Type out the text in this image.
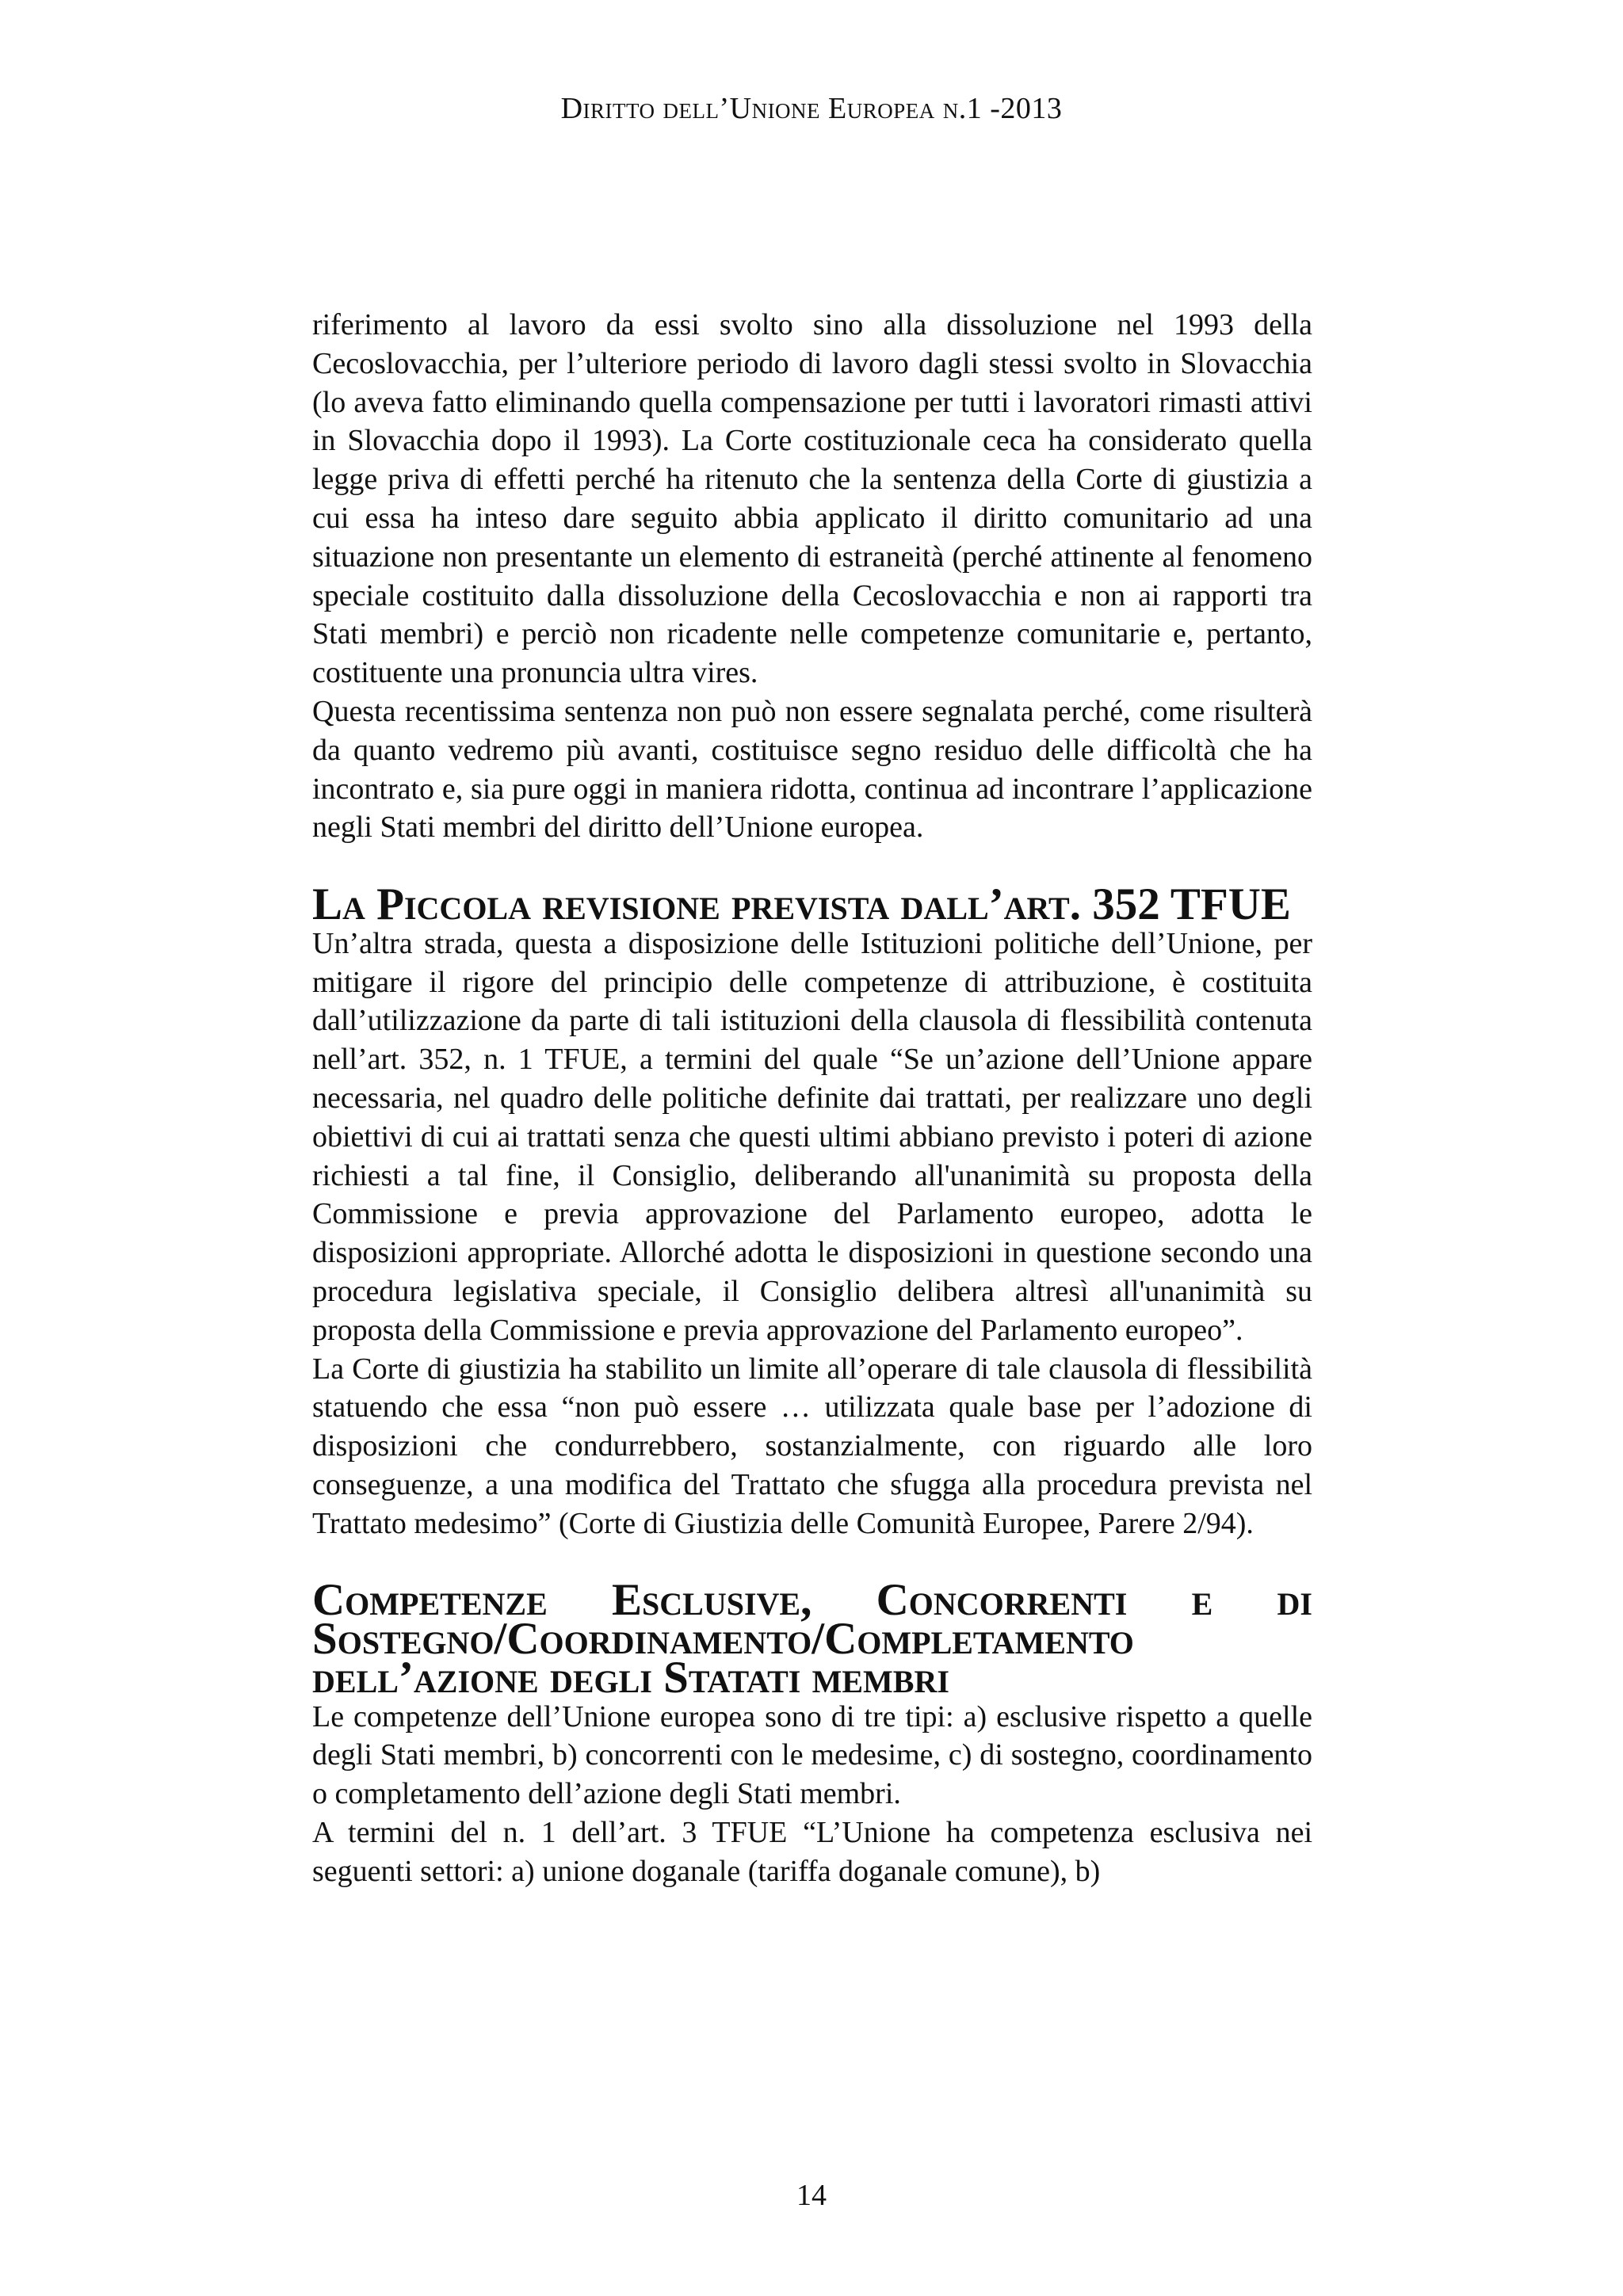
Diritto dell’Unione Europea n.1 -2013

riferimento al lavoro da essi svolto sino alla dissoluzione nel 1993 della Cecoslovacchia, per l’ulteriore periodo di lavoro dagli stessi svolto in Slovacchia (lo aveva fatto eliminando quella compensazione per tutti i lavoratori rimasti attivi in Slovacchia dopo il 1993). La Corte costituzionale ceca ha considerato quella legge priva di effetti perché ha ritenuto che la sentenza della Corte di giustizia a cui essa ha inteso dare seguito abbia applicato il diritto comunitario ad una situazione non presentante un elemento di estraneità (perché attinente al fenomeno speciale costituito dalla dissoluzione della Cecoslovacchia e non ai rapporti tra Stati membri) e perciò non ricadente nelle competenze comunitarie e, pertanto, costituente una pronuncia ultra vires.

Questa recentissima sentenza non può non essere segnalata perché, come risulterà da quanto vedremo più avanti, costituisce segno residuo delle difficoltà che ha incontrato e, sia pure oggi in maniera ridotta, continua ad incontrare l’applicazione negli Stati membri del diritto dell’Unione europea.

La Piccola revisione prevista dall’art. 352 TFUE

Un’altra strada, questa a disposizione delle Istituzioni politiche dell’Unione, per mitigare il rigore del principio delle competenze di attribuzione, è costituita dall’utilizzazione da parte di tali istituzioni della clausola di flessibilità contenuta nell’art. 352, n. 1 TFUE, a termini del quale “Se un’azione dell’Unione appare necessaria, nel quadro delle politiche definite dai trattati, per realizzare uno degli obiettivi di cui ai trattati senza che questi ultimi abbiano previsto i poteri di azione richiesti a tal fine, il Consiglio, deliberando all'unanimità su proposta della Commissione e previa approvazione del Parlamento europeo, adotta le disposizioni appropriate. Allorché adotta le disposizioni in questione secondo una procedura legislativa speciale, il Consiglio delibera altresì all'unanimità su proposta della Commissione e previa approvazione del Parlamento europeo”.

La Corte di giustizia ha stabilito un limite all’operare di tale clausola di flessibilità statuendo che essa “non può essere … utilizzata quale base per l’adozione di disposizioni che condurrebbero, sostanzialmente, con riguardo alle loro conseguenze, a una modifica del Trattato che sfugga alla procedura prevista nel Trattato medesimo” (Corte di Giustizia delle Comunità Europee, Parere 2/94).

Competenze Esclusive, Concorrenti e di Sostegno/Coordinamento/Completamento dell’azione degli Statati membri

Le competenze dell’Unione europea sono di tre tipi: a) esclusive rispetto a quelle degli Stati membri, b) concorrenti con le medesime, c) di sostegno, coordinamento o completamento dell’azione degli Stati membri.

A termini del n. 1 dell’art. 3 TFUE “L’Unione ha competenza esclusiva nei seguenti settori: a) unione doganale (tariffa doganale comune), b)

14
